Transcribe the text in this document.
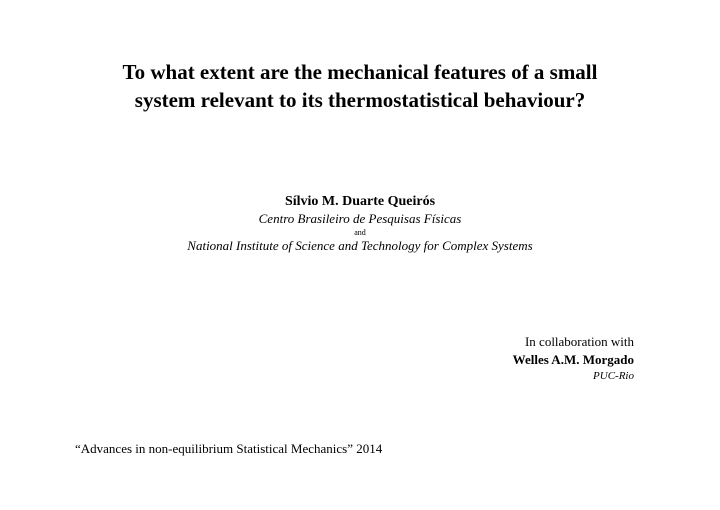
To what extent are the mechanical features of a small
system relevant to its thermostatistical behaviour?
Sílvio M. Duarte Queirós
Centro Brasileiro de Pesquisas Físicas
and
National Institute of Science and Technology for Complex Systems
In collaboration with
Welles A.M. Morgado
PUC-Rio
“Advances in non-equilibrium Statistical Mechanics” 2014
